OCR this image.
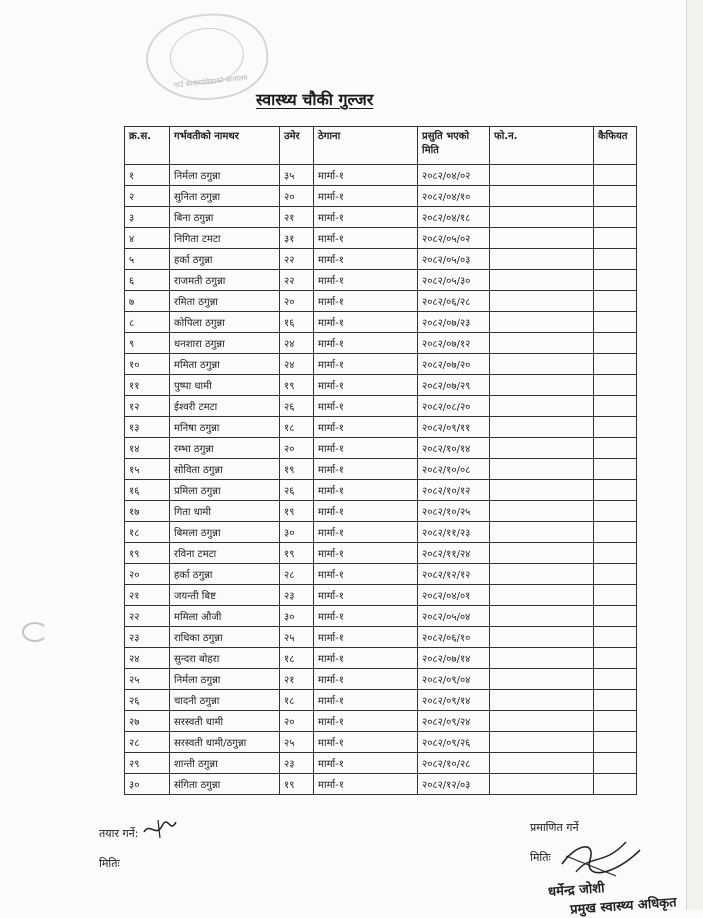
गाउँ कार्यपालिकाको कार्यालय
स्वास्थ्य चौकी गुल्जर
क्र.स.	गर्भवतीको नामथर	उमेर	ठेगाना	प्रसुति भएको मिति	फो.न.	कैफियत
१	निर्मला ठगुन्ना	३५	मार्मा-१	२०८२/०४/०२		
२	सुनिता ठगुन्ना	२०	मार्मा-१	२०८२/०४/१०		
३	बिना ठगुन्ना	२१	मार्मा-१	२०८२/०४/१८		
४	निगिता टमटा	३१	मार्मा-१	२०८२/०५/०२		
५	हर्का ठगुन्ना	२२	मार्मा-१	२०८२/०५/०३		
६	राजमती ठगुन्ना	२२	मार्मा-१	२०८२/०५/३०		
७	रमिता ठगुन्ना	२०	मार्मा-१	२०८२/०६/२८		
८	कोपिला ठगुन्ना	१६	मार्मा-१	२०८२/०७/२३		
९	धनशारा ठगुन्ना	२४	मार्मा-१	२०८२/०७/१२		
१०	ममिता ठगुन्ना	२४	मार्मा-१	२०८२/०७/२०		
११	पुष्पा धामी	१९	मार्मा-१	२०८२/०७/२९		
१२	ईश्वरी टमटा	२६	मार्मा-१	२०८२/०८/२०		
१३	मनिषा ठगुन्ना	१८	मार्मा-१	२०८२/०९/११		
१४	रम्भा ठगुन्ना	२०	मार्मा-१	२०८२/१०/१४		
१५	सोविता ठगुन्ना	१९	मार्मा-१	२०८२/१०/०८		
१६	प्रमिला ठगुन्ना	२६	मार्मा-१	२०८२/१०/१२		
१७	गिता धामी	१९	मार्मा-१	२०८२/१०/२५		
१८	बिमला ठगुन्ना	३०	मार्मा-१	२०८२/११/२३		
१९	रविना टमटा	१९	मार्मा-१	२०८२/११/२४		
२०	हर्का ठगुन्ना	२८	मार्मा-१	२०८२/१२/१२		
२१	जयन्ती बिष्ट	२३	मार्मा-१	२०८२/०४/०१		
२२	ममिला औजी	३०	मार्मा-१	२०८२/०५/०४		
२३	राधिका ठगुन्ना	२५	मार्मा-१	२०८२/०६/१०		
२४	सुन्दरा बोहरा	१८	मार्मा-१	२०८२/०७/१४		
२५	निर्मला ठगुन्ना	२१	मार्मा-१	२०८२/०९/०४		
२६	चादनी ठगुन्ना	१८	मार्मा-१	२०८२/०९/१४		
२७	सरस्वती धामी	२०	मार्मा-१	२०८२/०९/२४		
२८	सरस्वती धामी/ठगुन्ना	२५	मार्मा-१	२०८२/०९/२६		
२९	शान्ती ठगुन्ना	२३	मार्मा-१	२०८२/१०/२८		
३०	संगिता ठगुन्ना	१९	मार्मा-१	२०८२/१२/०३		
तयार गर्ने:
मितिः
प्रमाणित गर्ने
मितिः
धर्मेन्द्र जोशी
प्रमुख स्वास्थ्य अधिकृत
